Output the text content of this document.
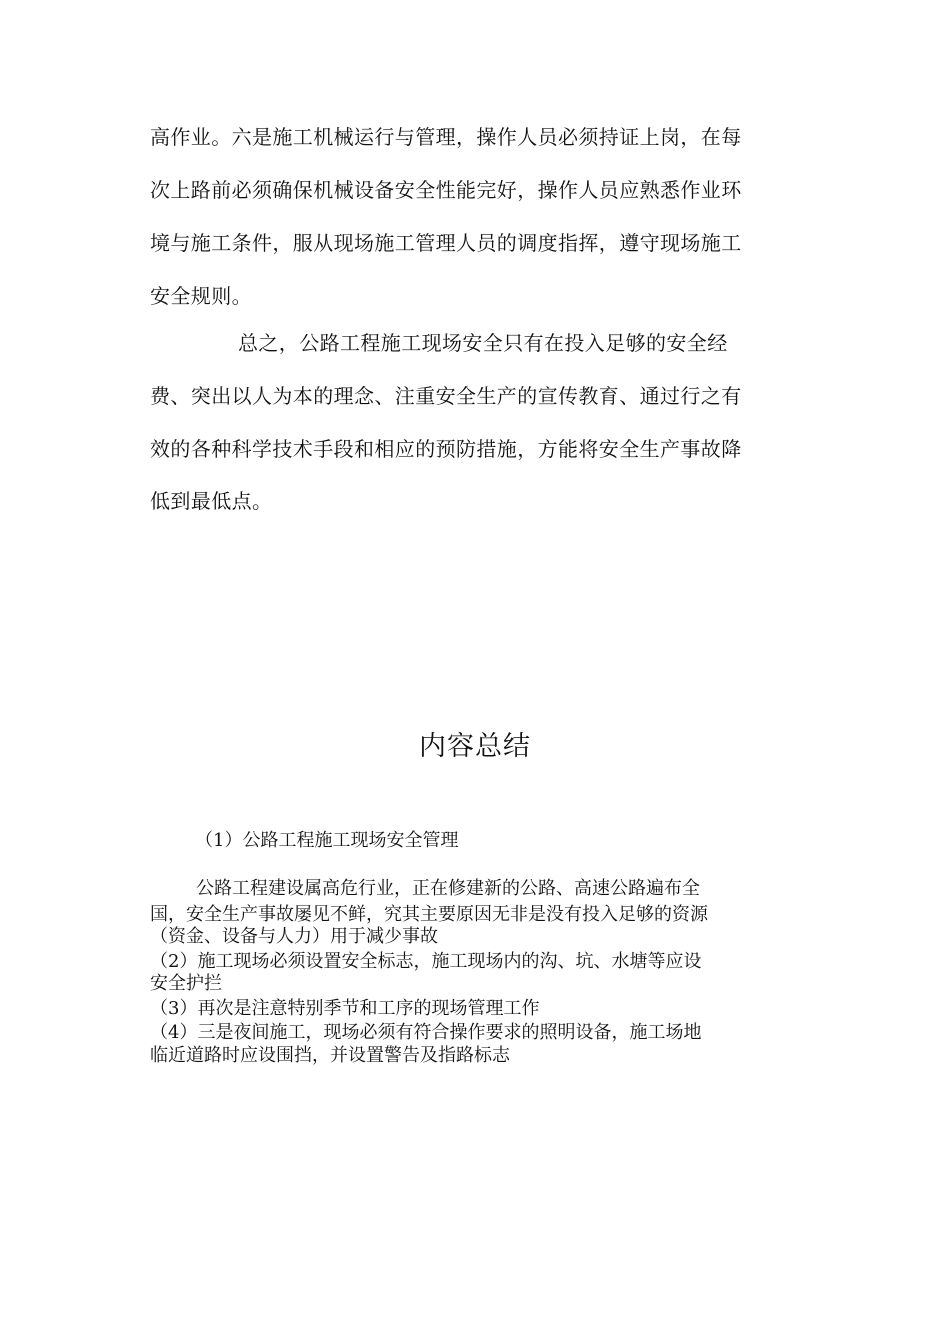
高作业。六是施工机械运行与管理，操作人员必须持证上岗，在每
次上路前必须确保机械设备安全性能完好，操作人员应熟悉作业环
境与施工条件，服从现场施工管理人员的调度指挥，遵守现场施工
安全规则。
总之，公路工程施工现场安全只有在投入足够的安全经
费、突出以人为本的理念、注重安全生产的宣传教育、通过行之有
效的各种科学技术手段和相应的预防措施，方能将安全生产事故降
低到最低点。
内容总结
（1）公路工程施工现场安全管理
公路工程建设属高危行业，正在修建新的公路、高速公路遍布全
国，安全生产事故屡见不鲜，究其主要原因无非是没有投入足够的资源
（资金、设备与人力）用于减少事故
（2）施工现场必须设置安全标志，施工现场内的沟、坑、水塘等应设
安全护拦
（3）再次是注意特别季节和工序的现场管理工作
（4）三是夜间施工，现场必须有符合操作要求的照明设备，施工场地
临近道路时应设围挡，并设置警告及指路标志
